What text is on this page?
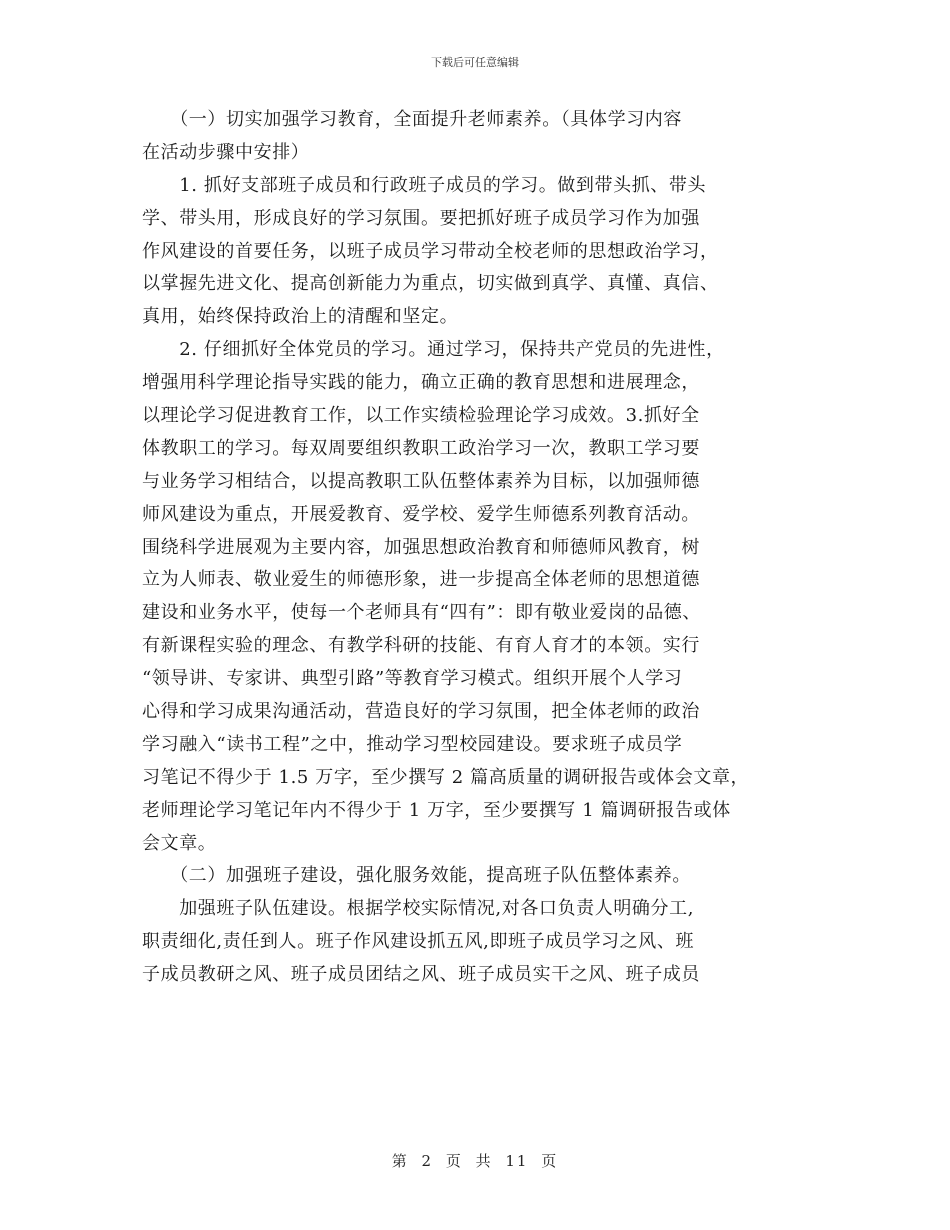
下载后可任意编辑
　　（一）切实加强学习教育，全面提升老师素养。（具体学习内容
在活动步骤中安排）
　　1. 抓好支部班子成员和行政班子成员的学习。做到带头抓、带头
学、带头用，形成良好的学习氛围。要把抓好班子成员学习作为加强
作风建设的首要任务，以班子成员学习带动全校老师的思想政治学习，
以掌握先进文化、提高创新能力为重点，切实做到真学、真懂、真信、
真用，始终保持政治上的清醒和坚定。
　　2. 仔细抓好全体党员的学习。通过学习，保持共产党员的先进性，
增强用科学理论指导实践的能力，确立正确的教育思想和进展理念，
以理论学习促进教育工作，以工作实绩检验理论学习成效。3.抓好全
体教职工的学习。每双周要组织教职工政治学习一次，教职工学习要
与业务学习相结合，以提高教职工队伍整体素养为目标，以加强师德
师风建设为重点，开展爱教育、爱学校、爱学生师德系列教育活动。
围绕科学进展观为主要内容，加强思想政治教育和师德师风教育，树
立为人师表、敬业爱生的师德形象，进一步提高全体老师的思想道德
建设和业务水平，使每一个老师具有“四有”：即有敬业爱岗的品德、
有新课程实验的理念、有教学科研的技能、有育人育才的本领。实行
“领导讲、专家讲、典型引路”等教育学习模式。组织开展个人学习
心得和学习成果沟通活动，营造良好的学习氛围，把全体老师的政治
学习融入“读书工程”之中，推动学习型校园建设。要求班子成员学
习笔记不得少于 1.5 万字，至少撰写 2 篇高质量的调研报告或体会文章，
老师理论学习笔记年内不得少于 1 万字，至少要撰写 1 篇调研报告或体
会文章。
　　（二）加强班子建设，强化服务效能，提高班子队伍整体素养。
　　加强班子队伍建设。根据学校实际情况,对各口负责人明确分工,
职责细化,责任到人。班子作风建设抓五风,即班子成员学习之风、班
子成员教研之风、班子成员团结之风、班子成员实干之风、班子成员
第 2 页 共 11 页
